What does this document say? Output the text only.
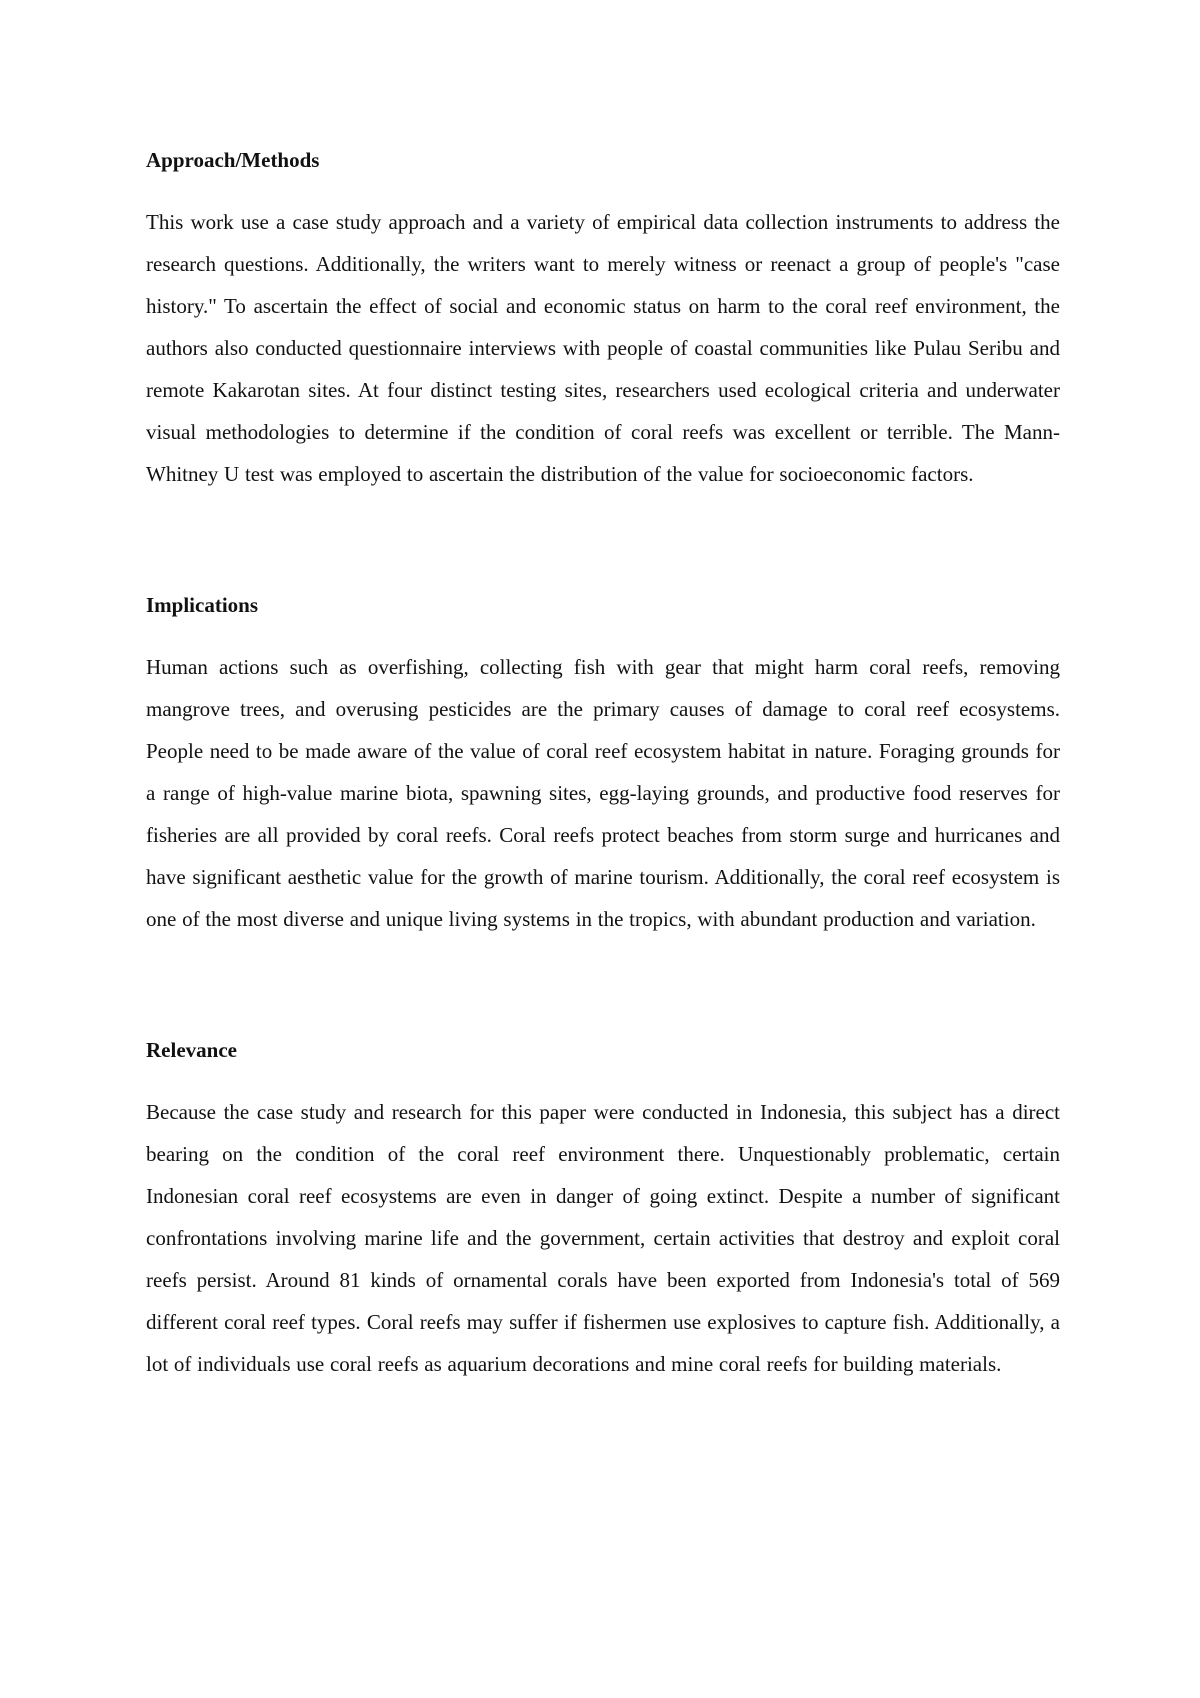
Approach/Methods

This work use a case study approach and a variety of empirical data collection instruments to address the research questions. Additionally, the writers want to merely witness or reenact a group of people's "case history." To ascertain the effect of social and economic status on harm to the coral reef environment, the authors also conducted questionnaire interviews with people of coastal communities like Pulau Seribu and remote Kakarotan sites. At four distinct testing sites, researchers used ecological criteria and underwater visual methodologies to determine if the condition of coral reefs was excellent or terrible. The Mann-Whitney U test was employed to ascertain the distribution of the value for socioeconomic factors.

Implications

Human actions such as overfishing, collecting fish with gear that might harm coral reefs, removing mangrove trees, and overusing pesticides are the primary causes of damage to coral reef ecosystems. People need to be made aware of the value of coral reef ecosystem habitat in nature. Foraging grounds for a range of high-value marine biota, spawning sites, egg-laying grounds, and productive food reserves for fisheries are all provided by coral reefs. Coral reefs protect beaches from storm surge and hurricanes and have significant aesthetic value for the growth of marine tourism. Additionally, the coral reef ecosystem is one of the most diverse and unique living systems in the tropics, with abundant production and variation.

Relevance

Because the case study and research for this paper were conducted in Indonesia, this subject has a direct bearing on the condition of the coral reef environment there. Unquestionably problematic, certain Indonesian coral reef ecosystems are even in danger of going extinct. Despite a number of significant confrontations involving marine life and the government, certain activities that destroy and exploit coral reefs persist. Around 81 kinds of ornamental corals have been exported from Indonesia's total of 569 different coral reef types. Coral reefs may suffer if fishermen use explosives to capture fish. Additionally, a lot of individuals use coral reefs as aquarium decorations and mine coral reefs for building materials.
